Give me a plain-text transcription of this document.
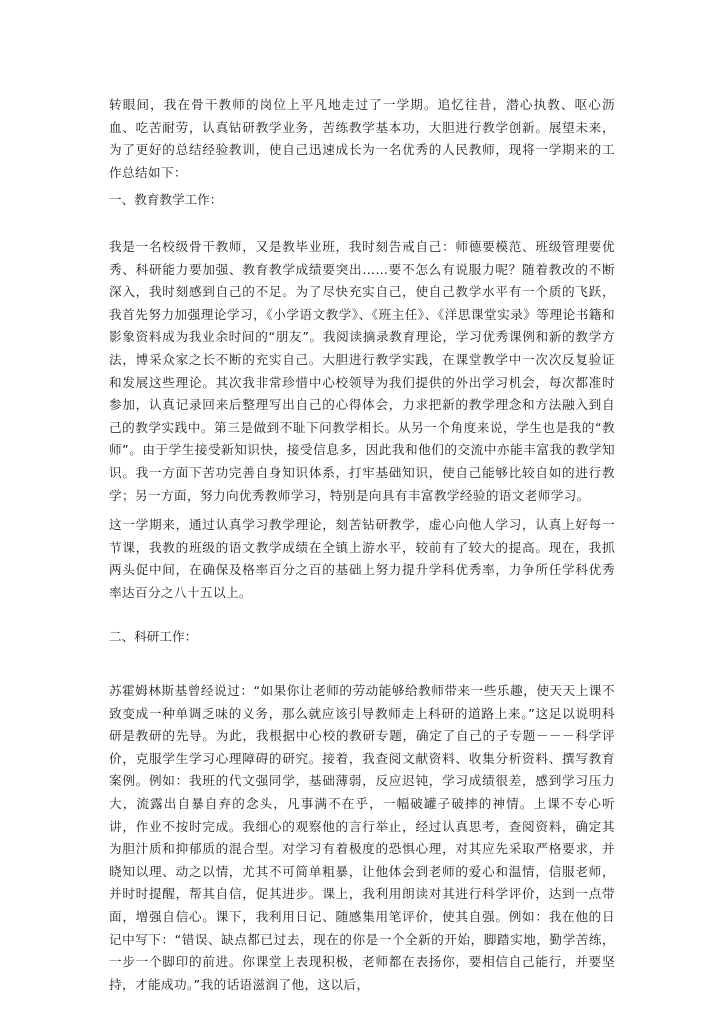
转眼间，我在骨干教师的岗位上平凡地走过了一学期。追忆往昔，潜心执教、呕心沥血、吃苦耐劳，认真钻研教学业务，苦练教学基本功，大胆进行教学创新。展望未来，为了更好的总结经验教训，使自己迅速成长为一名优秀的人民教师，现将一学期来的工作总结如下：

一、教育教学工作：

我是一名校级骨干教师，又是教毕业班，我时刻告戒自己：师德要模范、班级管理要优秀、科研能力要加强、教育教学成绩要突出……要不怎么有说服力呢？随着教改的不断深入，我时刻感到自己的不足。为了尽快充实自己，使自己教学水平有一个质的飞跃，我首先努力加强理论学习，《小学语文教学》、《班主任》、《洋思课堂实录》等理论书籍和影象资料成为我业余时间的“朋友”。我阅读摘录教育理论，学习优秀课例和新的教学方法，博采众家之长不断的充实自己。大胆进行教学实践，在课堂教学中一次次反复验证和发展这些理论。其次我非常珍惜中心校领导为我们提供的外出学习机会，每次都准时参加，认真记录回来后整理写出自己的心得体会，力求把新的教学理念和方法融入到自己的教学实践中。第三是做到不耻下问教学相长。从另一个角度来说，学生也是我的“教师”。由于学生接受新知识快，接受信息多，因此我和他们的交流中亦能丰富我的教学知识。我一方面下苦功完善自身知识体系，打牢基础知识，使自己能够比较自如的进行教学；另一方面，努力向优秀教师学习，特别是向具有丰富教学经验的语文老师学习。

这一学期来，通过认真学习教学理论，刻苦钻研教学，虚心向他人学习，认真上好每一节课，我教的班级的语文教学成绩在全镇上游水平，较前有了较大的提高。现在，我抓两头促中间，在确保及格率百分之百的基础上努力提升学科优秀率，力争所任学科优秀率达百分之八十五以上。

二、科研工作：

苏霍姆林斯基曾经说过：“如果你让老师的劳动能够给教师带来一些乐趣，使天天上课不致变成一种单调乏味的义务，那么就应该引导教师走上科研的道路上来。”这足以说明科研是教研的先导。为此，我根据中心校的教研专题，确定了自己的子专题－－－科学评价，克服学生学习心理障碍的研究。接着，我查阅文献资料、收集分析资料、撰写教育案例。例如：我班的代文强同学，基础薄弱，反应迟钝，学习成绩很差，感到学习压力大，流露出自暴自弃的念头，凡事满不在乎，一幅破罐子破摔的神情。上课不专心听讲，作业不按时完成。我细心的观察他的言行举止，经过认真思考，查阅资料，确定其为胆汁质和抑郁质的混合型。对学习有着极度的恐惧心理，对其应先采取严格要求，并晓知以理、动之以情，尤其不可简单粗暴，让他体会到老师的爱心和温情，信服老师，并时时提醒，帮其自信，促其进步。课上，我利用朗读对其进行科学评价，达到一点带面，增强自信心。课下，我利用日记、随感集用笔评价，使其自强。例如：我在他的日记中写下：“错误、缺点都已过去，现在的你是一个全新的开始，脚踏实地，勤学苦练，一步一个脚印的前进。你课堂上表现积极，老师都在表扬你，要相信自己能行，并要坚持，才能成功。”我的话语滋润了他，这以后，
